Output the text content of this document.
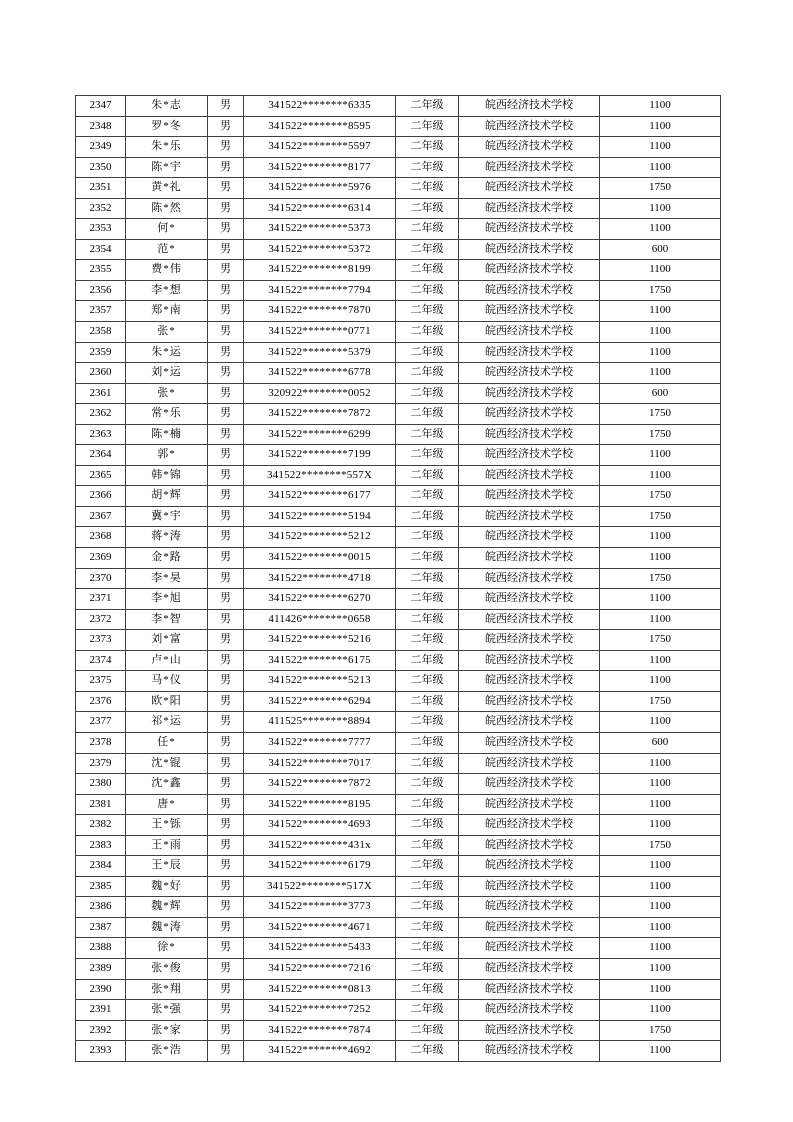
2347	朱*志	男	341522********6335	二年级	皖西经济技术学校	1100
2348	罗*冬	男	341522********8595	二年级	皖西经济技术学校	1100
2349	朱*乐	男	341522********5597	二年级	皖西经济技术学校	1100
2350	陈*宇	男	341522********8177	二年级	皖西经济技术学校	1100
2351	黄*礼	男	341522********5976	二年级	皖西经济技术学校	1750
2352	陈*然	男	341522********6314	二年级	皖西经济技术学校	1100
2353	何*	男	341522********5373	二年级	皖西经济技术学校	1100
2354	范*	男	341522********5372	二年级	皖西经济技术学校	600
2355	费*伟	男	341522********8199	二年级	皖西经济技术学校	1100
2356	李*想	男	341522********7794	二年级	皖西经济技术学校	1750
2357	郑*南	男	341522********7870	二年级	皖西经济技术学校	1100
2358	张*	男	341522********0771	二年级	皖西经济技术学校	1100
2359	朱*运	男	341522********5379	二年级	皖西经济技术学校	1100
2360	刘*运	男	341522********6778	二年级	皖西经济技术学校	1100
2361	张*	男	320922********0052	二年级	皖西经济技术学校	600
2362	常*乐	男	341522********7872	二年级	皖西经济技术学校	1750
2363	陈*楠	男	341522********6299	二年级	皖西经济技术学校	1750
2364	郭*	男	341522********7199	二年级	皖西经济技术学校	1100
2365	韩*锦	男	341522********557X	二年级	皖西经济技术学校	1100
2366	胡*辉	男	341522********6177	二年级	皖西经济技术学校	1750
2367	冀*宇	男	341522********5194	二年级	皖西经济技术学校	1750
2368	蒋*涛	男	341522********5212	二年级	皖西经济技术学校	1100
2369	金*路	男	341522********0015	二年级	皖西经济技术学校	1100
2370	李*昊	男	341522********4718	二年级	皖西经济技术学校	1750
2371	李*旭	男	341522********6270	二年级	皖西经济技术学校	1100
2372	李*智	男	411426********0658	二年级	皖西经济技术学校	1100
2373	刘*富	男	341522********5216	二年级	皖西经济技术学校	1750
2374	卢*山	男	341522********6175	二年级	皖西经济技术学校	1100
2375	马*仪	男	341522********5213	二年级	皖西经济技术学校	1100
2376	欧*阳	男	341522********6294	二年级	皖西经济技术学校	1750
2377	祁*运	男	411525********8894	二年级	皖西经济技术学校	1100
2378	任*	男	341522********7777	二年级	皖西经济技术学校	600
2379	沈*锟	男	341522********7017	二年级	皖西经济技术学校	1100
2380	沈*鑫	男	341522********7872	二年级	皖西经济技术学校	1100
2381	唐*	男	341522********8195	二年级	皖西经济技术学校	1100
2382	王*铄	男	341522********4693	二年级	皖西经济技术学校	1100
2383	王*雨	男	341522********431x	二年级	皖西经济技术学校	1750
2384	王*辰	男	341522********6179	二年级	皖西经济技术学校	1100
2385	魏*好	男	341522********517X	二年级	皖西经济技术学校	1100
2386	魏*辉	男	341522********3773	二年级	皖西经济技术学校	1100
2387	魏*涛	男	341522********4671	二年级	皖西经济技术学校	1100
2388	徐*	男	341522********5433	二年级	皖西经济技术学校	1100
2389	张*俊	男	341522********7216	二年级	皖西经济技术学校	1100
2390	张*翔	男	341522********0813	二年级	皖西经济技术学校	1100
2391	张*强	男	341522********7252	二年级	皖西经济技术学校	1100
2392	张*家	男	341522********7874	二年级	皖西经济技术学校	1750
2393	张*浩	男	341522********4692	二年级	皖西经济技术学校	1100
